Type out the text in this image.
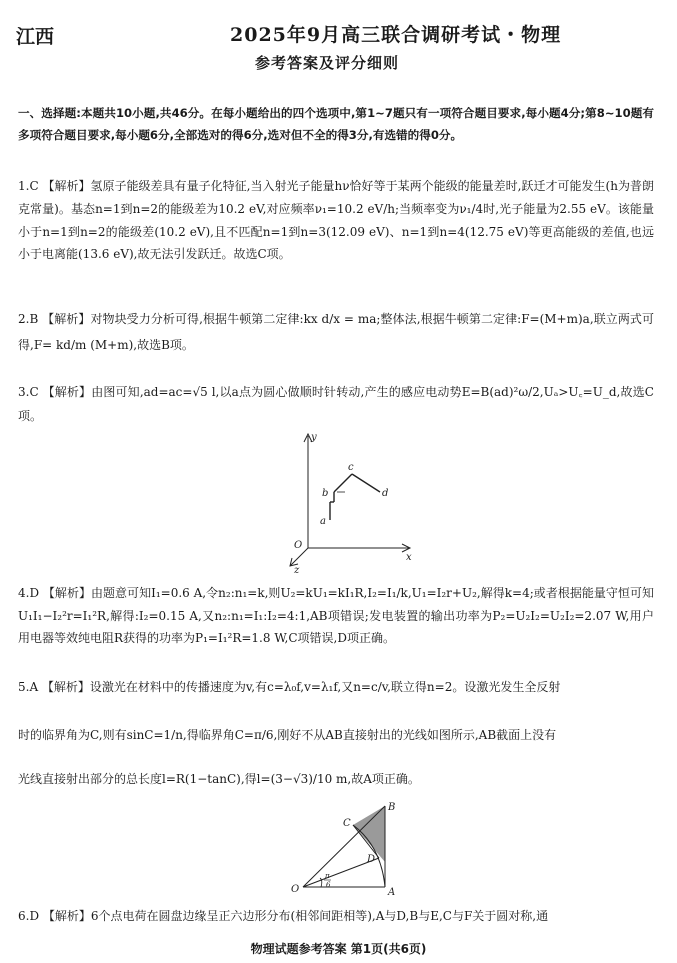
江西	2025年9月高三联合调研考试・物理
参考答案及评分细则
一、选择题:本题共10小题,共46分。在每小题给出的四个选项中,第1~7题只有一项符合题目要求,每小题4分;第8~10题有多项符合题目要求,每小题6分,全部选对的得6分,选对但不全的得3分,有选错的得0分。
1.C 【解析】氢原子能级差具有量子化特征,当入射光子能量hν恰好等于某两个能级的能量差时,跃迁才可能发生(h为普朗克常量)。基态n=1到n=2的能级差为10.2 eV,对应频率ν₁=10.2 eV/h;当频率变为ν₁/4时,光子能量为2.55 eV。该能量小于n=1到n=2的能级差(10.2 eV),且不匹配n=1到n=3(12.09 eV)、n=1到n=4(12.75 eV)等更高能级的差值,也远小于电离能(13.6 eV),故无法引发跃迁。故选C项。
2.B 【解析】对物块受力分析可得,根据牛顿第二定律:kx d/x = ma;整体法,根据牛顿第二定律:F=(M+m)a,联立两式可得,F= kd/m (M+m),故选B项。
3.C 【解析】由图可知,ad=ac=√5 l,以a点为圆心做顺时针转动,产生的感应电动势E=B(ad)²ω/2,Uₐ>U꜀=U_d,故选C项。
y
c
b	d
a
O
x
z
4.D 【解析】由题意可知I₁=0.6 A,令n₂:n₁=k,则U₂=kU₁=kI₁R,I₂=I₁/k,U₁=I₂r+U₂,解得k=4;或者根据能量守恒可知U₁I₁−I₂²r=I₁²R,解得:I₂=0.15 A,又n₂:n₁=I₁:I₂=4:1,AB项错误;发电装置的输出功率为P₂=U₂I₂=U₂I₂=2.07 W,用户用电器等效纯电阻R获得的功率为P₁=I₁²R=1.8 W,C项错误,D项正确。
5.A 【解析】设激光在材料中的传播速度为v,有c=λ₀f,v=λ₁f,又n=c/v,联立得n=2。设激光发生全反射
时的临界角为C,则有sinC=1/n,得临界角C=π/6,刚好不从AB直接射出的光线如图所示,AB截面上没有
光线直接射出部分的总长度l=R(1−tanC),得l=(3−√3)/10 m,故A项正确。
B
C
D
O	A
π
6
6.D 【解析】6个点电荷在圆盘边缘呈正六边形分布(相邻间距相等),A与D,B与E,C与F关于圆对称,通
物理试题参考答案 第1页(共6页)
